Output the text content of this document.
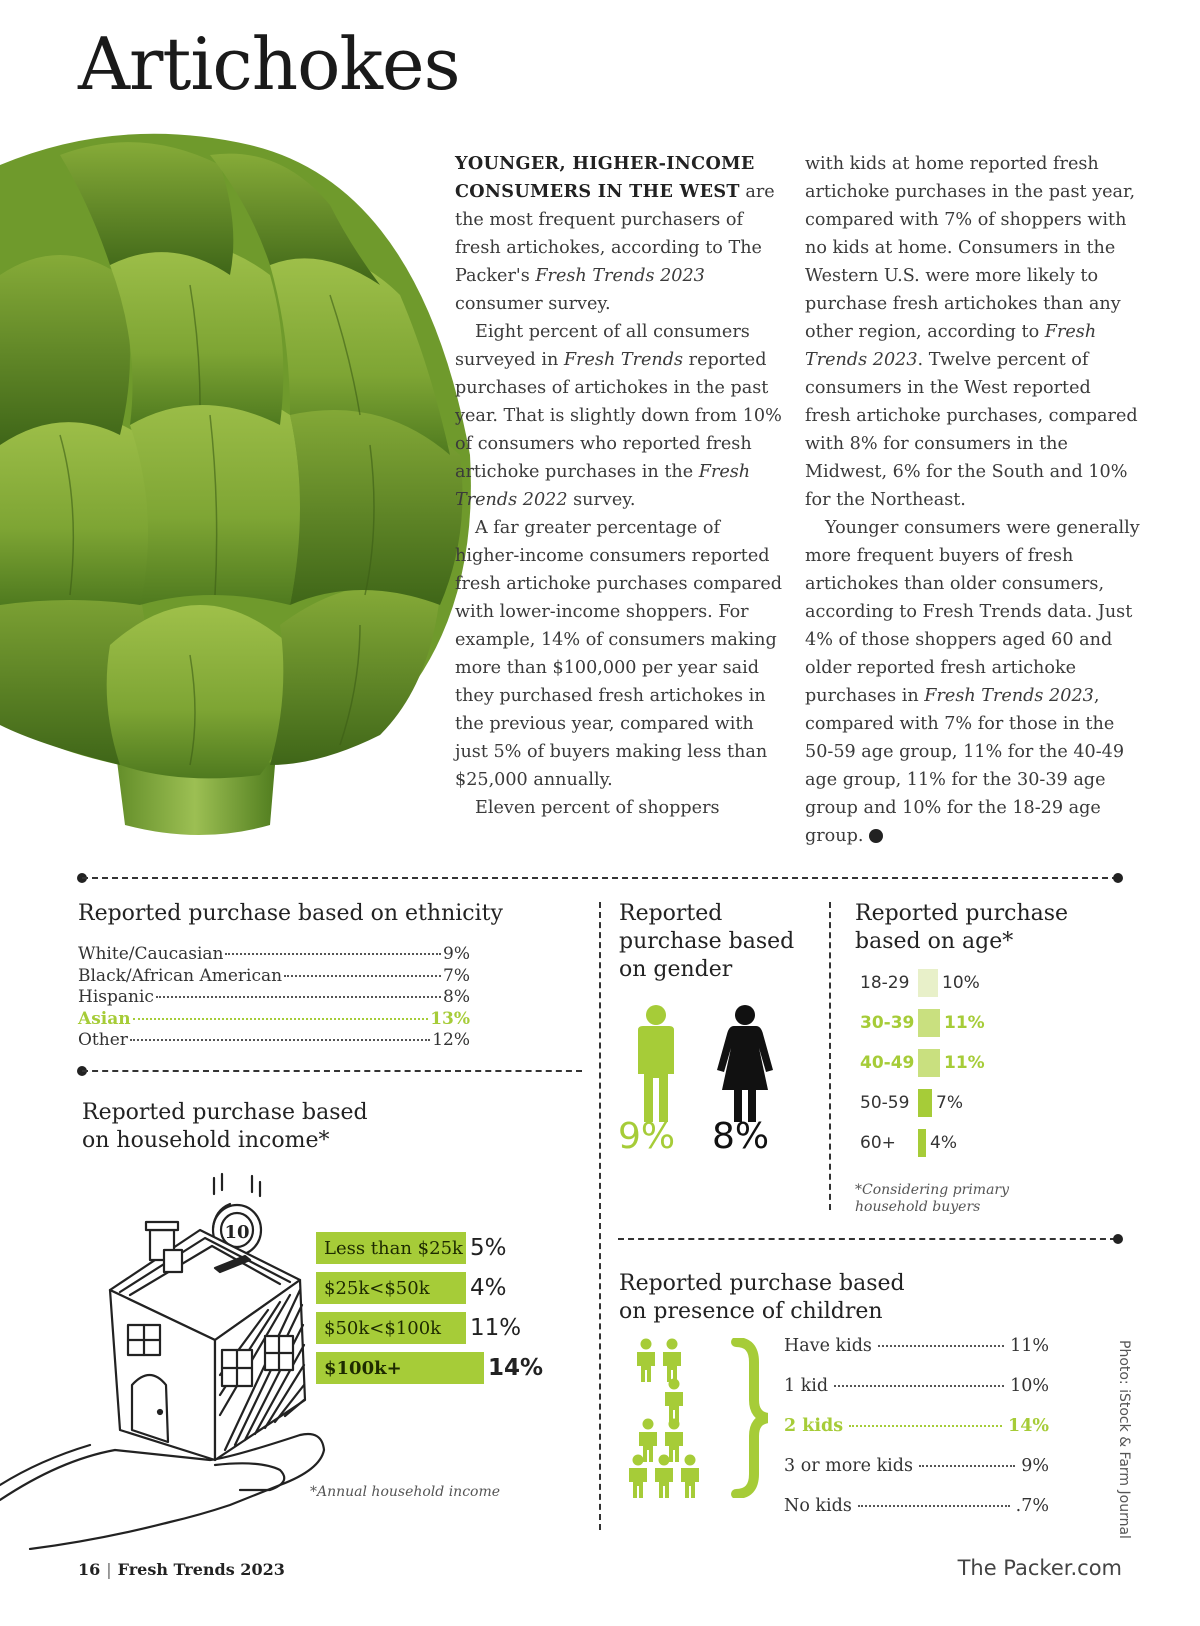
Artichokes

YOUNGER, HIGHER-INCOME CONSUMERS IN THE WEST are the most frequent purchasers of fresh artichokes, according to The Packer's Fresh Trends 2023 consumer survey.

Eight percent of all consumers surveyed in Fresh Trends reported purchases of artichokes in the past year. That is slightly down from 10% of consumers who reported fresh artichoke purchases in the Fresh Trends 2022 survey.

A far greater percentage of higher-income consumers reported fresh artichoke purchases compared with lower-income shoppers. For example, 14% of consumers making more than $100,000 per year said they purchased fresh artichokes in the previous year, compared with just 5% of buyers making less than $25,000 annually.

Eleven percent of shoppers

with kids at home reported fresh artichoke purchases in the past year, compared with 7% of shoppers with no kids at home. Consumers in the Western U.S. were more likely to purchase fresh artichokes than any other region, according to Fresh Trends 2023. Twelve percent of consumers in the West reported fresh artichoke purchases, compared with 8% for consumers in the Midwest, 6% for the South and 10% for the Northeast.

Younger consumers were generally more frequent buyers of fresh artichokes than older consumers, according to Fresh Trends data. Just 4% of those shoppers aged 60 and older reported fresh artichoke purchases in Fresh Trends 2023, compared with 7% for those in the 50-59 age group, 11% for the 40-49 age group, 11% for the 30-39 age group and 10% for the 18-29 age group.	FT

Reported purchase based on ethnicity
White/Caucasian	9%
Black/African American	7%
Hispanic	8%
Asian	13%
Other	12%
Reported
purchase based
on gender
9% 8%
Reported purchase
based on age*
18-29	10%
30-39 11%
40-49 11%
50-59	7%
60+	4%
*Considering primary
household buyers
Reported purchase based
on household income*
10
Less than $25k 5%
$25k<$50k	4%
$50k<$100k	11%
$100k+	14%
*Annual household income
Reported purchase based
on presence of children
Have kids	11%
1 kid	10%
2 kids	14%
3 or more kids	9%
No kids	.7%	Photo: iStock & Farm Journal
16 | Fresh Trends 2023	The Packer.com
